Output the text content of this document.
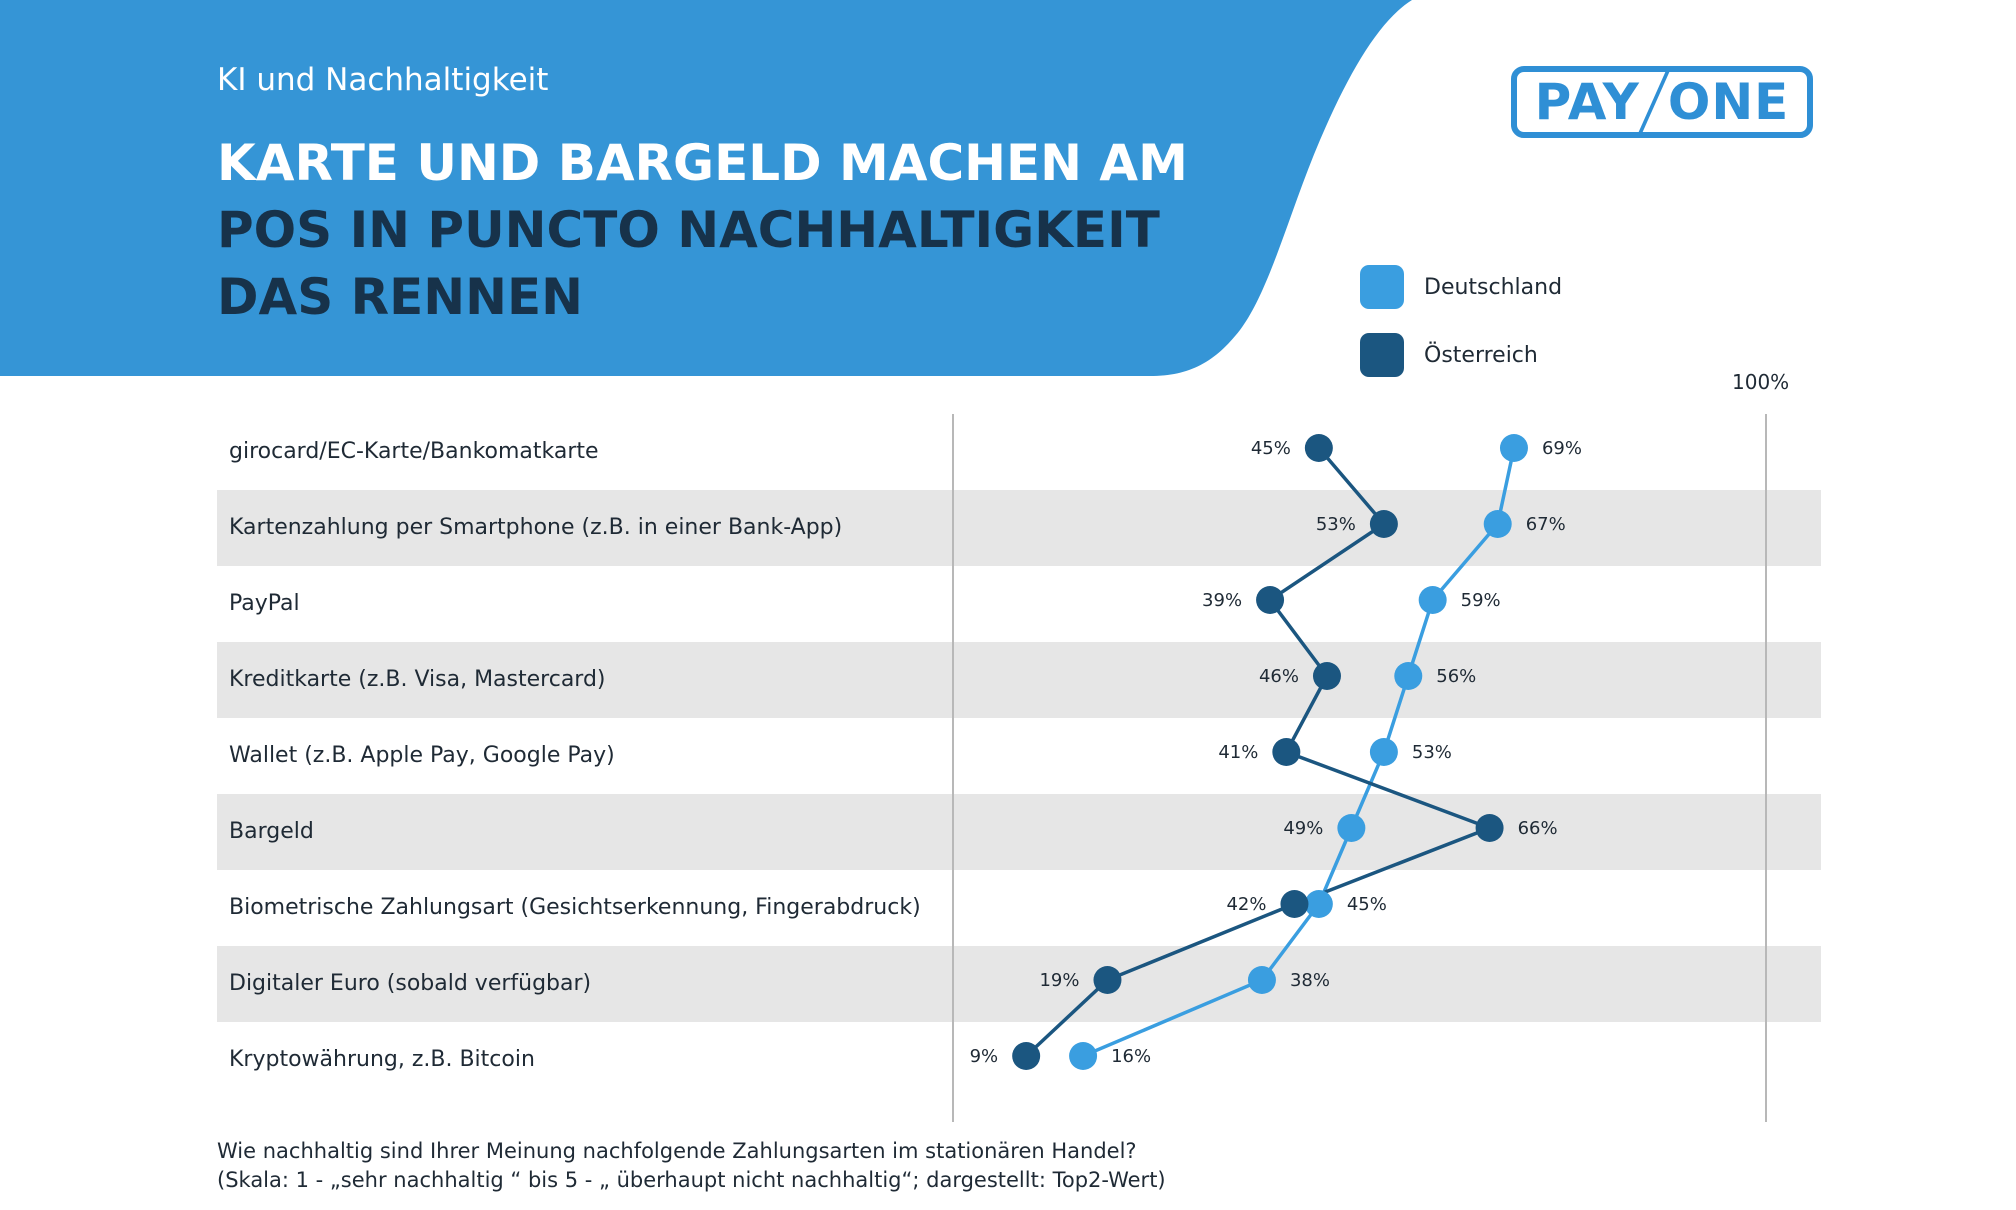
KI und Nachhaltigkeit
KARTE UND BARGELD MACHEN AM
POS IN PUNCTO NACHHALTIGKEIT
DAS RENNEN
PAY ONE
Deutschland
Österreich
100%
girocard/EC-Karte/Bankomatkarte
Kartenzahlung per Smartphone (z.B. in einer Bank-App)
PayPal
Kreditkarte (z.B. Visa, Mastercard)
Wallet (z.B. Apple Pay, Google Pay)
Bargeld
Biometrische Zahlungsart (Gesichtserkennung, Fingerabdruck)
Digitaler Euro (sobald verfügbar)
Kryptowährung, z.B. Bitcoin
69%
67%
59%
56%
53%
49%
45%
38%
16%
45%
53%
39%
46%
41%
66%
42%
19%
9%
Wie nachhaltig sind Ihrer Meinung nachfolgende Zahlungsarten im stationären Handel?
(Skala: 1 - „sehr nachhaltig “ bis 5 - „ überhaupt nicht nachhaltig“; dargestellt: Top2-Wert)
